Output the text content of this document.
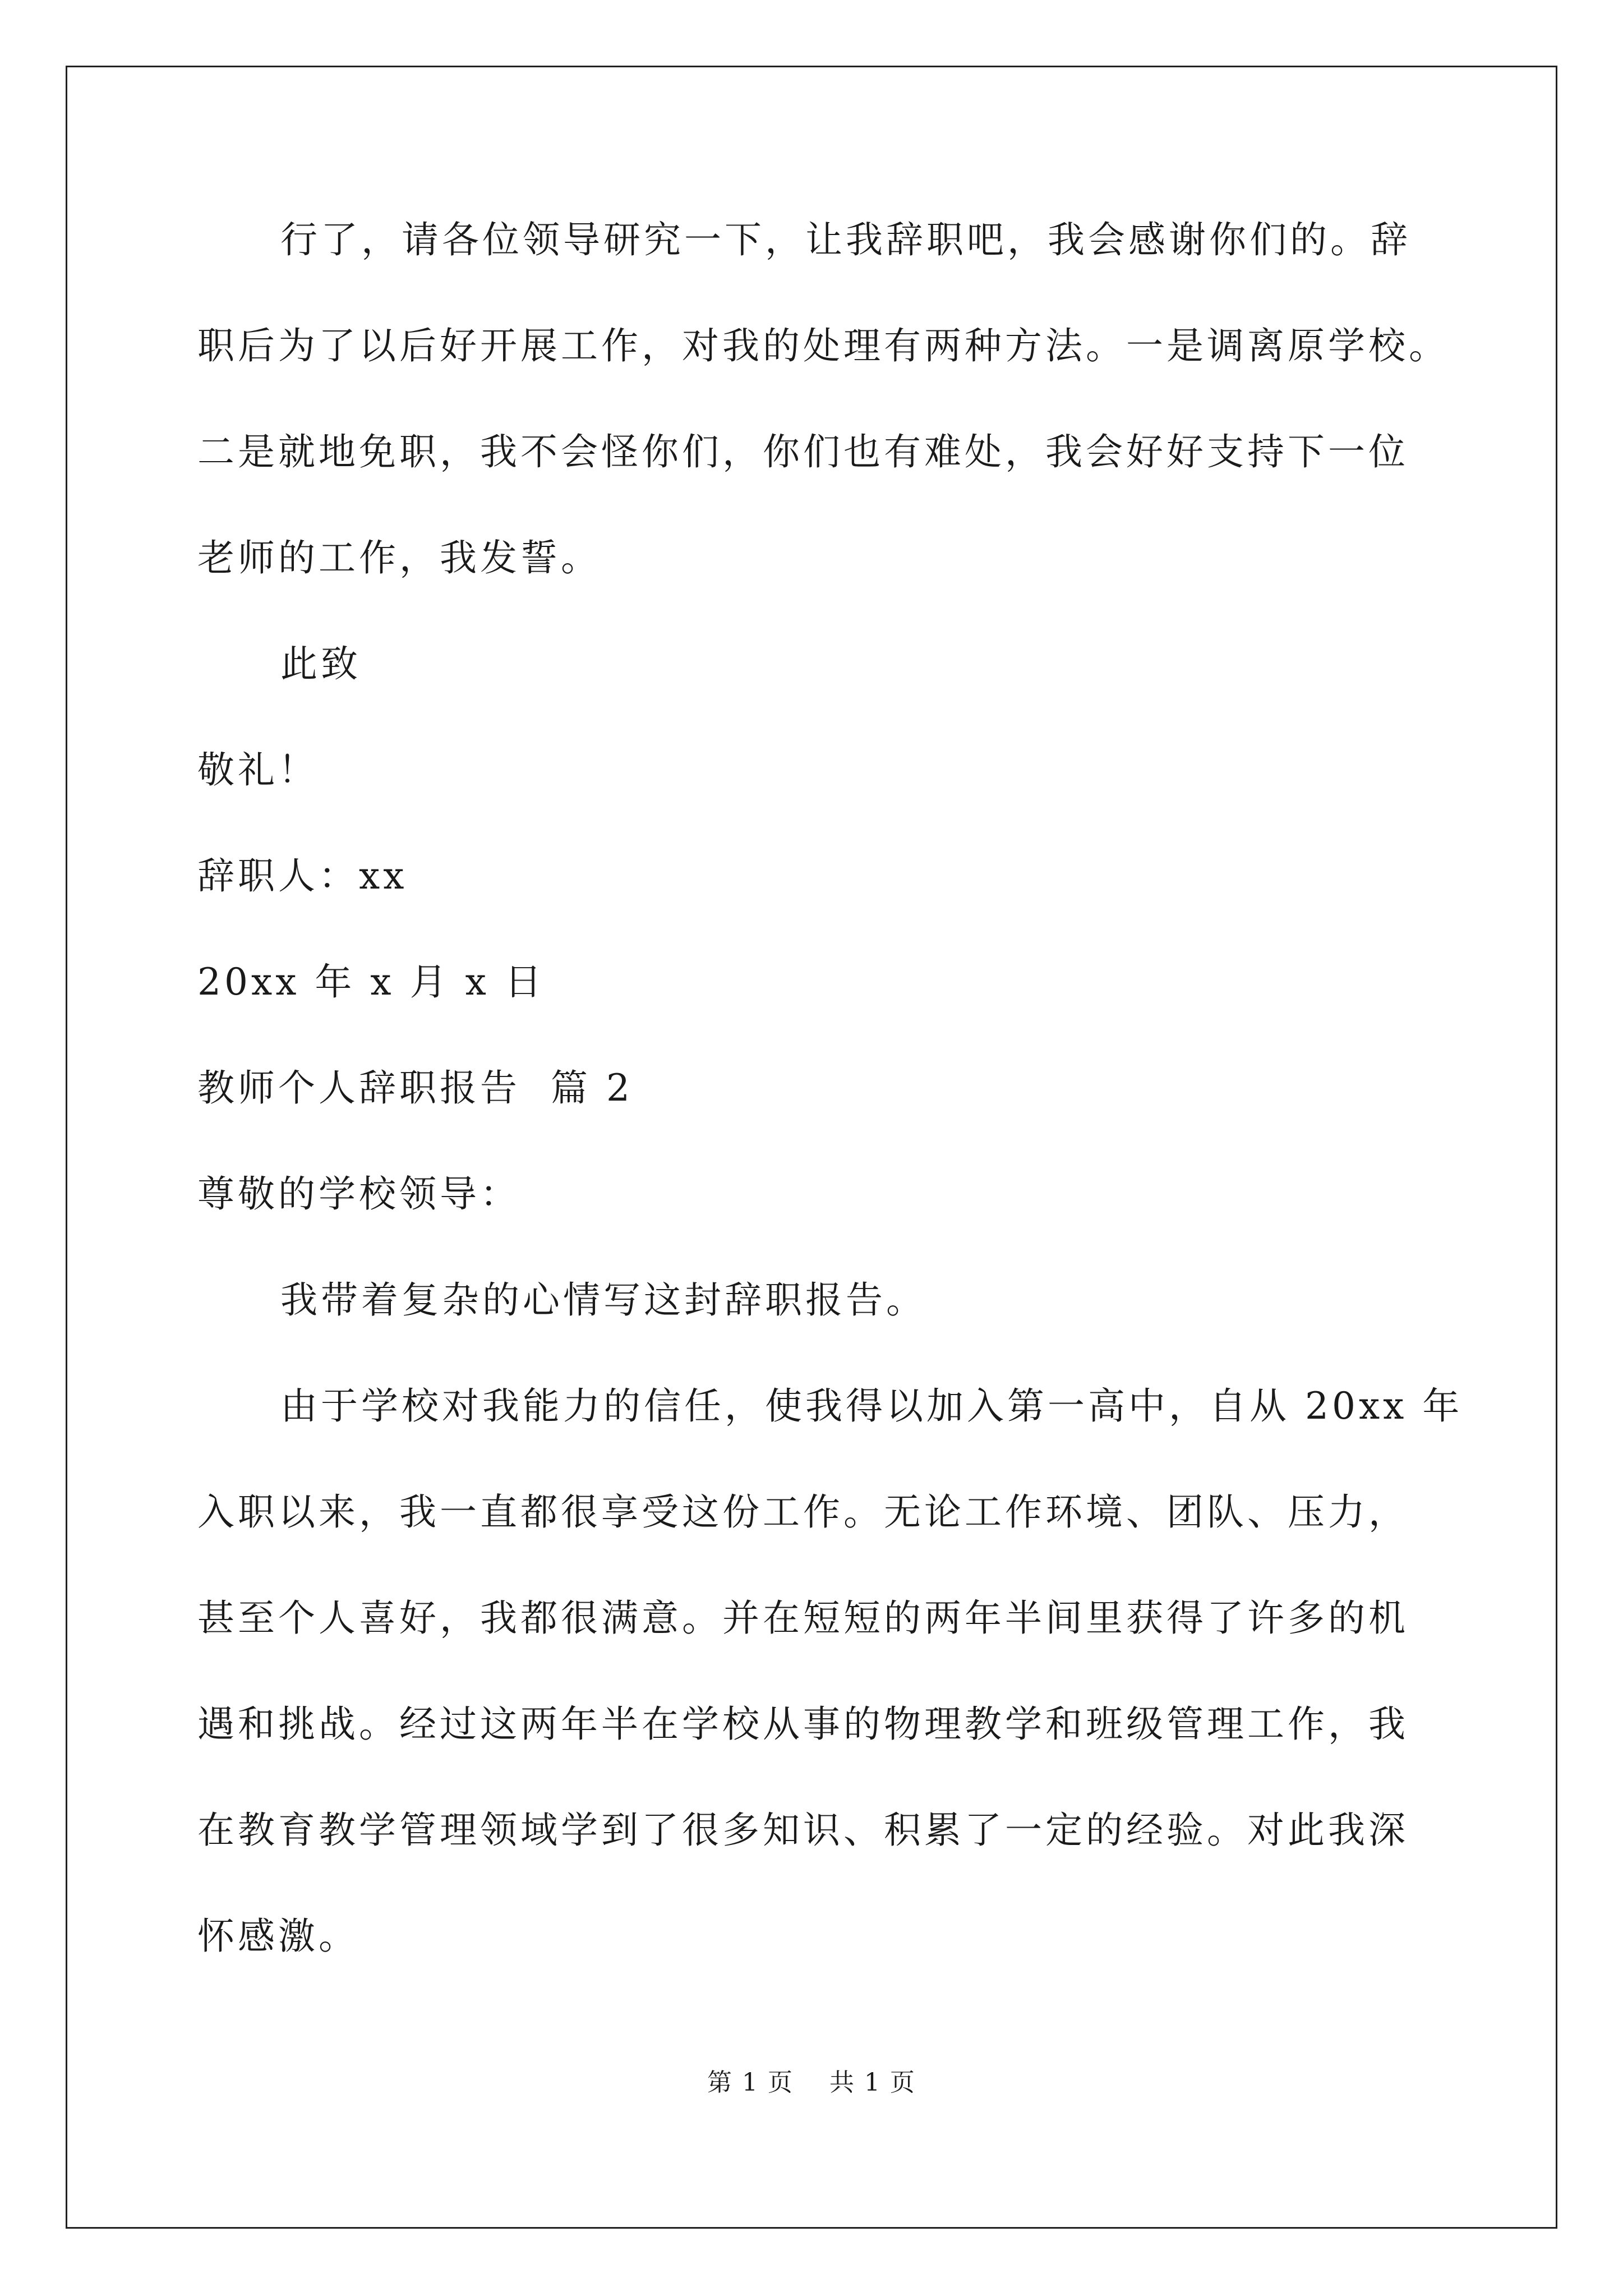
行了，请各位领导研究一下，让我辞职吧，我会感谢你们的。辞

职后为了以后好开展工作，对我的处理有两种方法。一是调离原学校。

二是就地免职，我不会怪你们，你们也有难处，我会好好支持下一位

老师的工作，我发誓。

此致

敬礼！

辞职人：xx

20xx 年 x 月 x 日

教师个人辞职报告  篇 2

尊敬的学校领导：

我带着复杂的心情写这封辞职报告。

由于学校对我能力的信任，使我得以加入第一高中，自从 20xx 年

入职以来，我一直都很享受这份工作。无论工作环境、团队、压力，

甚至个人喜好，我都很满意。并在短短的两年半间里获得了许多的机

遇和挑战。经过这两年半在学校从事的物理教学和班级管理工作，我

在教育教学管理领域学到了很多知识、积累了一定的经验。对此我深

怀感激。

第 1 页    共 1 页
